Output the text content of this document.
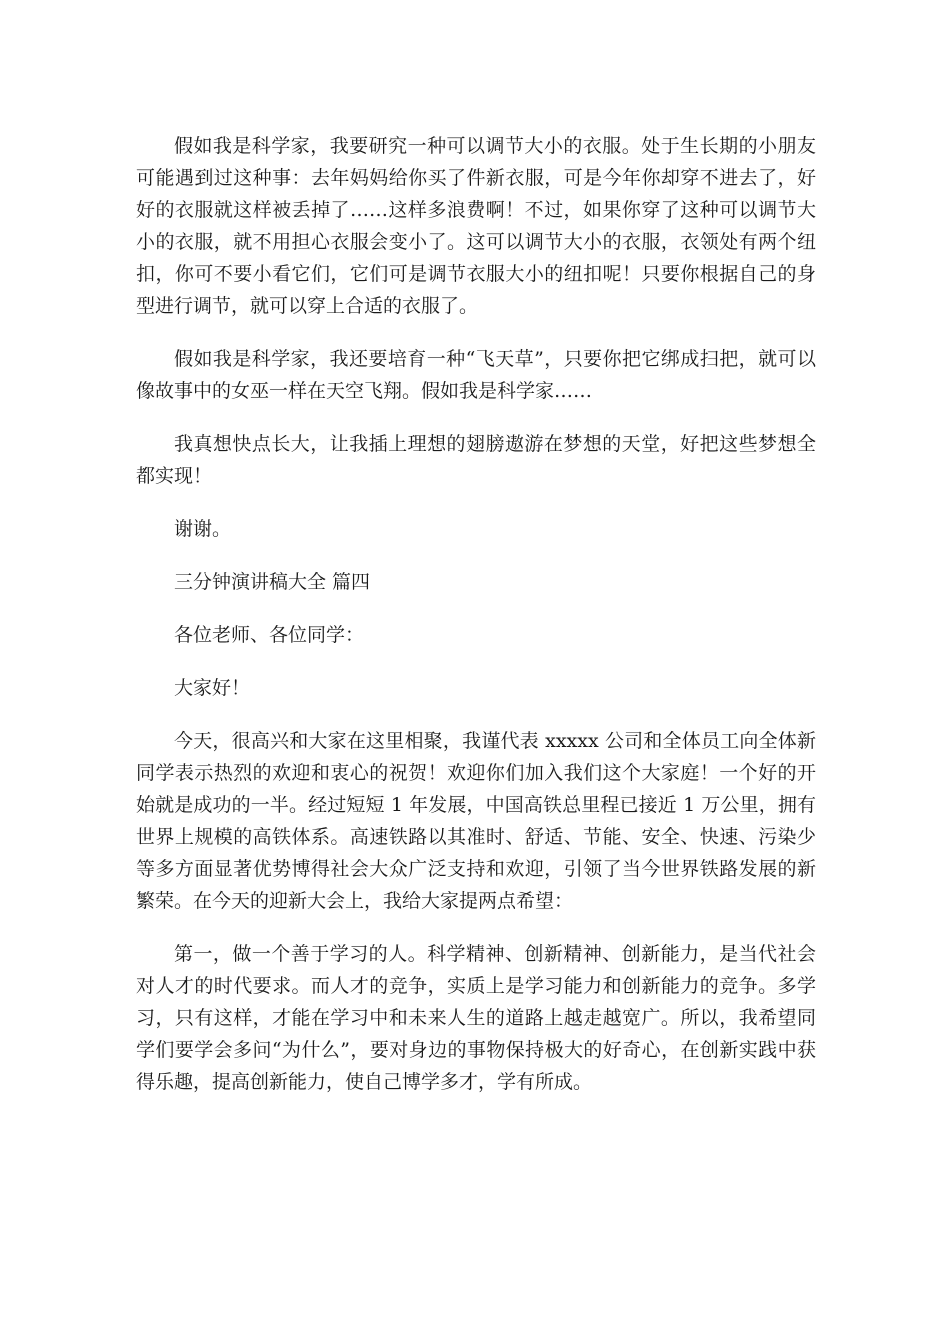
假如我是科学家，我要研究一种可以调节大小的衣服。处于生长期的小朋友可能遇到过这种事：去年妈妈给你买了件新衣服，可是今年你却穿不进去了，好好的衣服就这样被丢掉了……这样多浪费啊！不过，如果你穿了这种可以调节大小的衣服，就不用担心衣服会变小了。这可以调节大小的衣服，衣领处有两个纽扣，你可不要小看它们，它们可是调节衣服大小的纽扣呢！只要你根据自己的身型进行调节，就可以穿上合适的衣服了。

假如我是科学家，我还要培育一种“飞天草”，只要你把它绑成扫把，就可以像故事中的女巫一样在天空飞翔。假如我是科学家……

我真想快点长大，让我插上理想的翅膀遨游在梦想的天堂，好把这些梦想全都实现！

谢谢。

三分钟演讲稿大全 篇四

各位老师、各位同学：

大家好！

今天，很高兴和大家在这里相聚，我谨代表 xxxxx 公司和全体员工向全体新同学表示热烈的欢迎和衷心的祝贺！欢迎你们加入我们这个大家庭！一个好的开始就是成功的一半。经过短短 1 年发展，中国高铁总里程已接近 1 万公里，拥有世界上规模的高铁体系。高速铁路以其准时、舒适、节能、安全、快速、污染少等多方面显著优势博得社会大众广泛支持和欢迎，引领了当今世界铁路发展的新繁荣。在今天的迎新大会上，我给大家提两点希望：

第一，做一个善于学习的人。科学精神、创新精神、创新能力，是当代社会对人才的时代要求。而人才的竞争，实质上是学习能力和创新能力的竞争。多学习，只有这样，才能在学习中和未来人生的道路上越走越宽广。所以，我希望同学们要学会多问“为什么”，要对身边的事物保持极大的好奇心，在创新实践中获得乐趣，提高创新能力，使自己博学多才，学有所成。
